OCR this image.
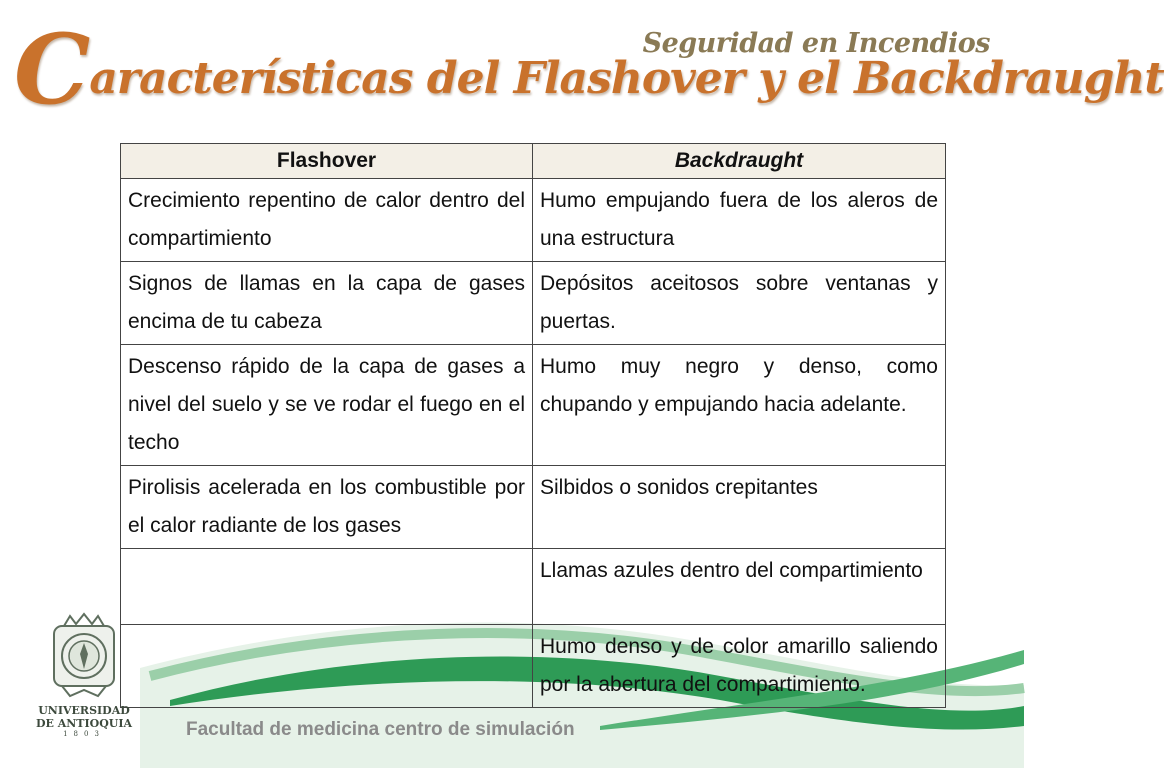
Seguridad en Incendios
Características del Flashover y el Backdraught
Flashover	Backdraught
Crecimiento repentino de calor dentro del compartimiento	Humo empujando fuera de los aleros de una estructura
Signos de llamas en la capa de gases encima de tu cabeza	Depósitos aceitosos sobre ventanas y puertas.
Descenso rápido de la capa de gases a nivel del suelo y se ve rodar el fuego en el techo	Humo muy negro y denso, como chupando y empujando hacia adelante.
Pirolisis acelerada en los combustible por el calor radiante de los gases	Silbidos o sonidos crepitantes
	Llamas azules dentro del compartimiento
	Humo denso y de color amarillo saliendo por la abertura del compartimiento.
UNIVERSIDAD
DE ANTIOQUIA
1803	Facultad de medicina centro de simulación
